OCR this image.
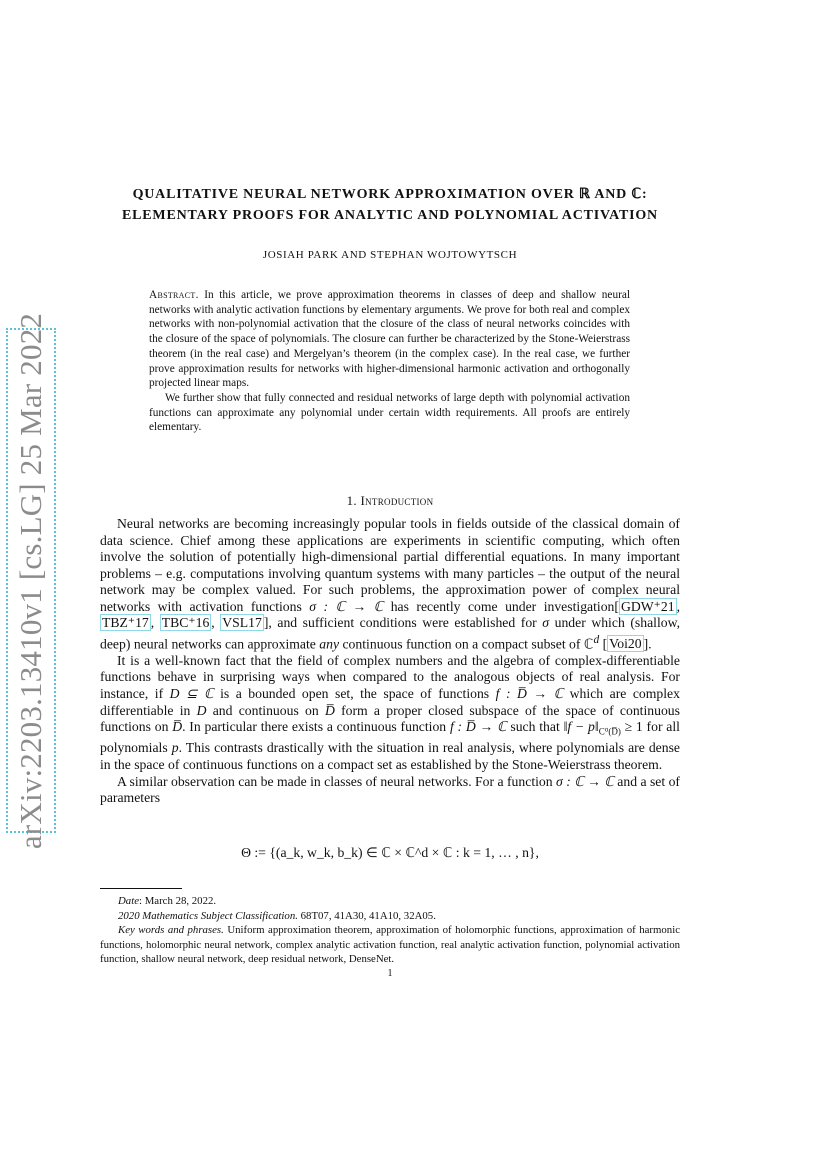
arXiv:2203.13410v1 [cs.LG] 25 Mar 2022
QUALITATIVE NEURAL NETWORK APPROXIMATION OVER ℝ AND ℂ:
ELEMENTARY PROOFS FOR ANALYTIC AND POLYNOMIAL ACTIVATION
JOSIAH PARK AND STEPHAN WOJTOWYTSCH

Abstract. In this article, we prove approximation theorems in classes of deep and shallow neural networks with analytic activation functions by elementary arguments. We prove for both real and complex networks with non-polynomial activation that the closure of the class of neural networks coincides with the closure of the space of polynomials. The closure can further be characterized by the Stone-Weierstrass theorem (in the real case) and Mergelyan’s theorem (in the complex case). In the real case, we further prove approximation results for networks with higher-dimensional harmonic activation and orthogonally projected linear maps.

We further show that fully connected and residual networks of large depth with polynomial activation functions can approximate any polynomial under certain width requirements. All proofs are entirely elementary.

1. Introduction

Neural networks are becoming increasingly popular tools in fields outside of the classical domain of data science. Chief among these applications are experiments in scientific computing, which often involve the solution of potentially high-dimensional partial differential equations. In many important problems – e.g. computations involving quantum systems with many particles – the output of the neural network may be complex valued. For such problems, the approximation power of complex neural networks with activation functions σ : ℂ → ℂ has recently come under investigation[ GDW⁺21 , TBZ⁺17 , TBC⁺16 , VSL17 ], and sufficient conditions were established for σ under which (shallow, deep) neural networks can approximate any continuous function on a compact subset of ℂ$^d$ [ Voi20 ].

It is a well-known fact that the field of complex numbers and the algebra of complex-differentiable functions behave in surprising ways when compared to the analogous objects of real analysis. For instance, if D ⊆ ℂ is a bounded open set, the space of functions f : D̅ → ℂ which are complex differentiable in D and continuous on D̅ form a proper closed subspace of the space of continuous functions on D̅. In particular there exists a continuous function f : D̅ → ℂ such that ‖f − $p‖_{C^0(D̅)} \ge 1$ for all polynomials p. This contrasts drastically with the situation in real analysis, where polynomials are dense in the space of continuous functions on a compact set as established by the Stone-Weierstrass theorem.

A similar observation can be made in classes of neural networks. For a function σ : ℂ → ℂ and a set of parameters

Θ := {(a_k, w_k, b_k) ∈ ℂ × ℂ^d × ℂ : k = 1, … , n},

Date: March 28, 2022.

2020 Mathematics Subject Classification. 68T07, 41A30, 41A10, 32A05.

Key words and phrases. Uniform approximation theorem, approximation of holomorphic functions, approximation of harmonic functions, holomorphic neural network, complex analytic activation function, real analytic activation function, polynomial activation function, shallow neural network, deep residual network, DenseNet.

1
